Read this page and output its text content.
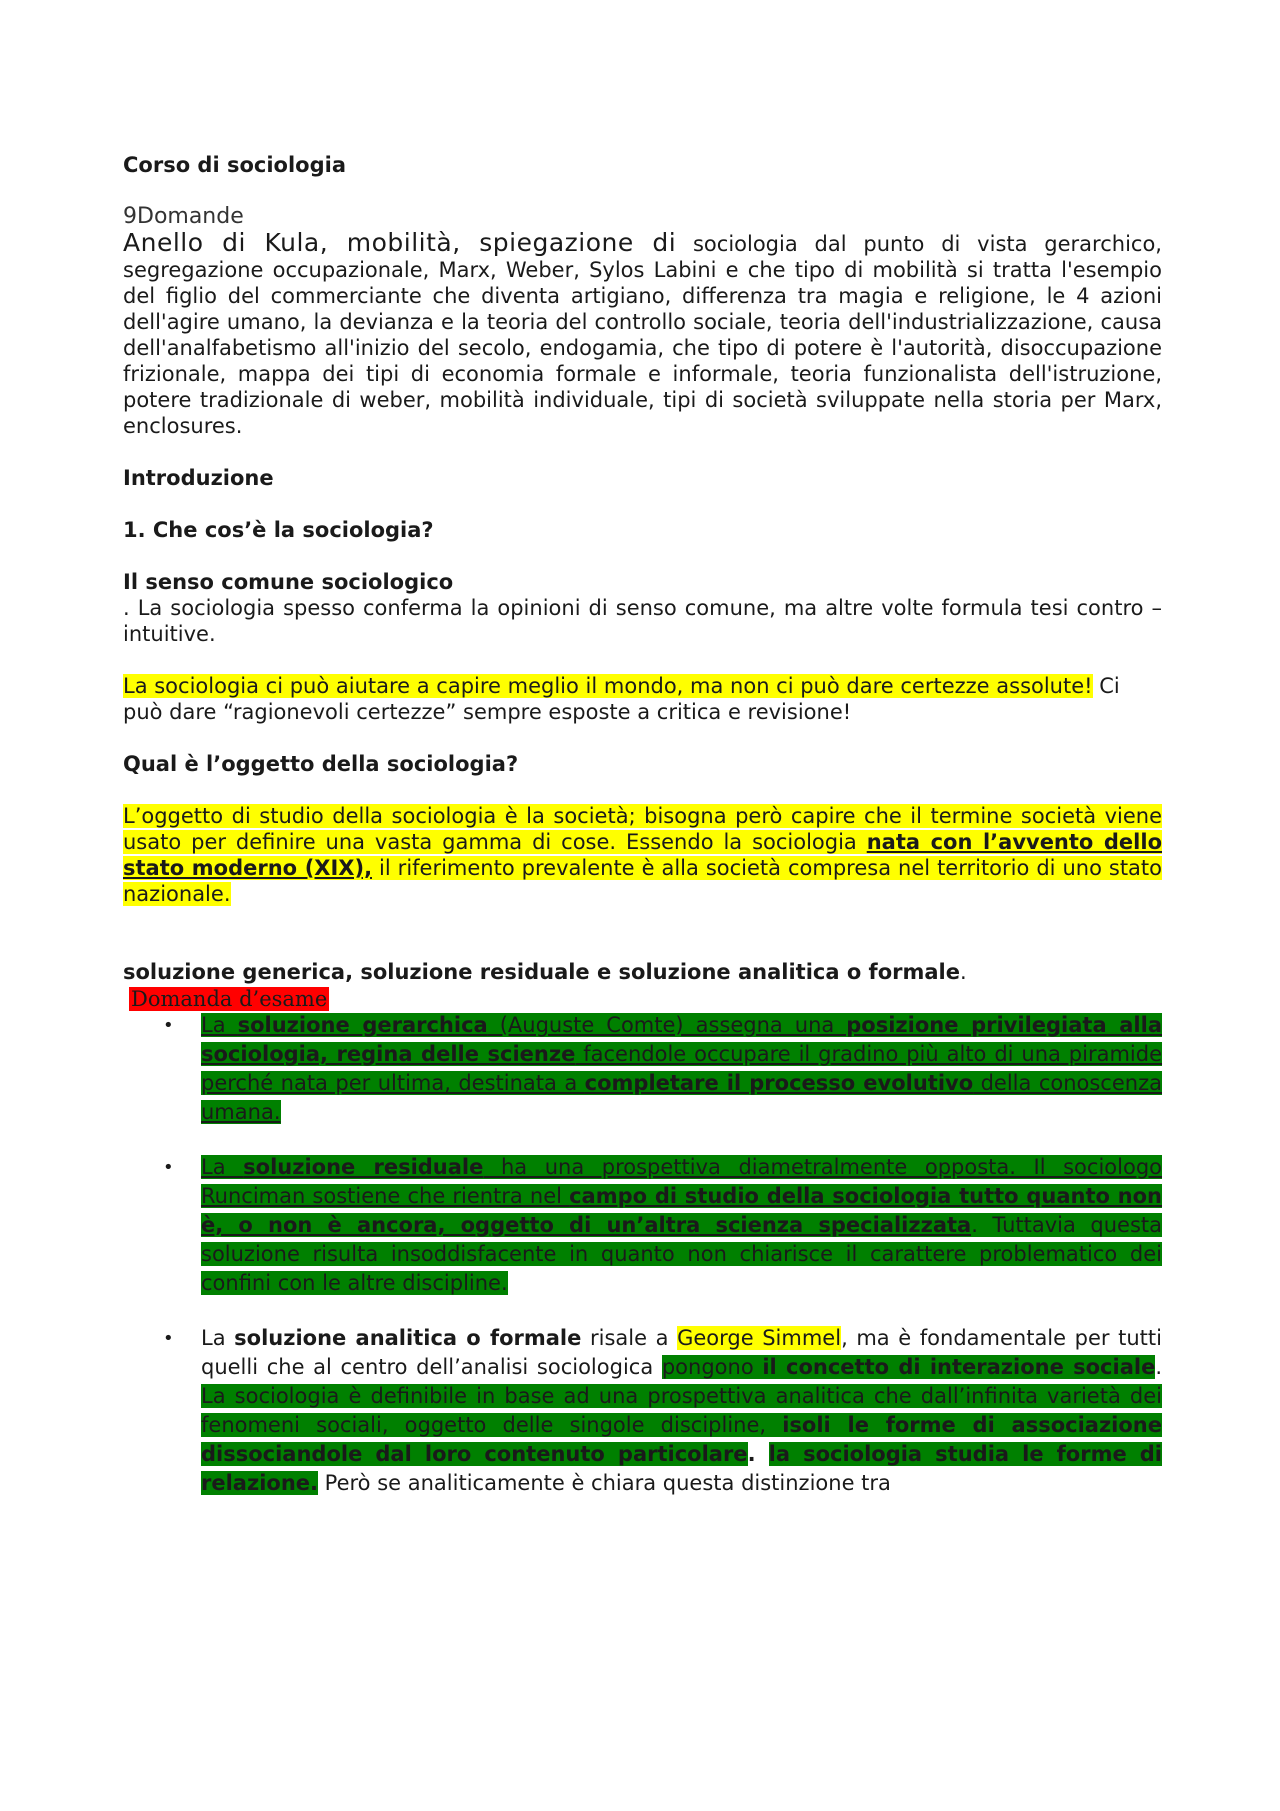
Corso di sociologia

9Domande

Anello di Kula, mobilità, spiegazione di sociologia dal punto di vista gerarchico, segregazione occupazionale, Marx, Weber, Sylos Labini e che tipo di mobilità si tratta l'esempio del figlio del commerciante che diventa artigiano, differenza tra magia e religione, le 4 azioni dell'agire umano, la devianza e la teoria del controllo sociale, teoria dell'industrializzazione, causa dell'analfabetismo all'inizio del secolo, endogamia, che tipo di potere è l'autorità, disoccupazione frizionale, mappa dei tipi di economia formale e informale, teoria funzionalista dell'istruzione, potere tradizionale di weber, mobilità individuale, tipi di società sviluppate nella storia per Marx, enclosures.

Introduzione

1. Che cos’è la sociologia?

Il senso comune sociologico

. La sociologia spesso conferma la opinioni di senso comune, ma altre volte formula tesi contro – intuitive.

La sociologia ci può aiutare a capire meglio il mondo, ma non ci può dare certezze assolute! Ci può dare “ragionevoli certezze” sempre esposte a critica e revisione!

Qual è l’oggetto della sociologia?

L’oggetto di studio della sociologia è la società; bisogna però capire che il termine società viene usato per definire una vasta gamma di cose. Essendo la sociologia nata con l’avvento dello stato moderno (XIX), il riferimento prevalente è alla società compresa nel territorio di uno stato nazionale.

soluzione generica, soluzione residuale e soluzione analitica o formale.

Domanda d’esame
• La soluzione gerarchica (Auguste Comte) assegna una posizione privilegiata alla sociologia, regina delle scienze facendole occupare il gradino più alto di una piramide perché nata per ultima, destinata a completare il processo evolutivo della conoscenza umana.
• La soluzione residuale ha una prospettiva diametralmente opposta. Il sociologo Runciman sostiene che rientra nel campo di studio della sociologia tutto quanto non è, o non è ancora, oggetto di un’altra scienza specializzata. Tuttavia questa soluzione risulta insoddisfacente in quanto non chiarisce il carattere problematico dei confini con le altre discipline.
• La soluzione analitica o formale risale a George Simmel, ma è fondamentale per tutti quelli che al centro dell’analisi sociologica pongono il concetto di interazione sociale. La sociologia è definibile in base ad una prospettiva analitica che dall’infinita varietà dei fenomeni sociali, oggetto delle singole discipline, isoli le forme di associazione dissociandole dal loro contenuto particolare. la sociologia studia le forme di relazione. Però se analiticamente è chiara questa distinzione tra
